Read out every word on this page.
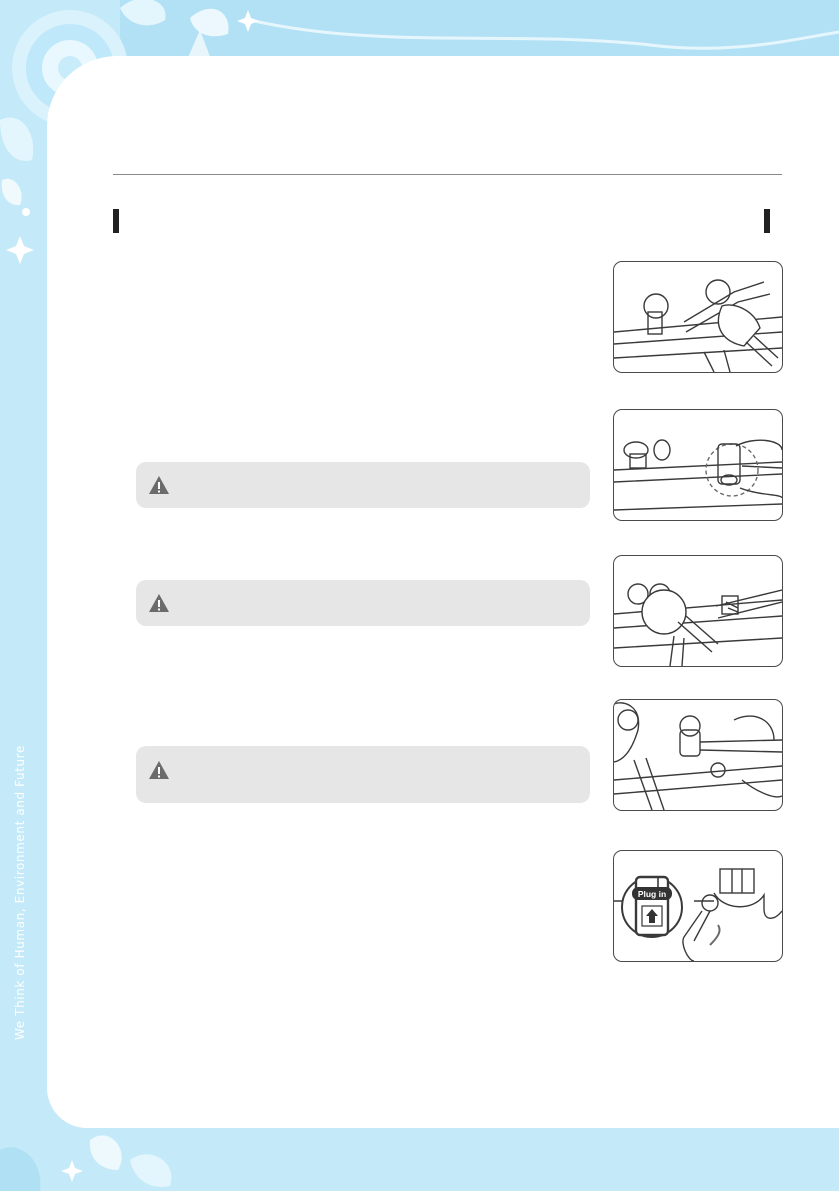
We Think of Human, Environment and Future	Plug in
